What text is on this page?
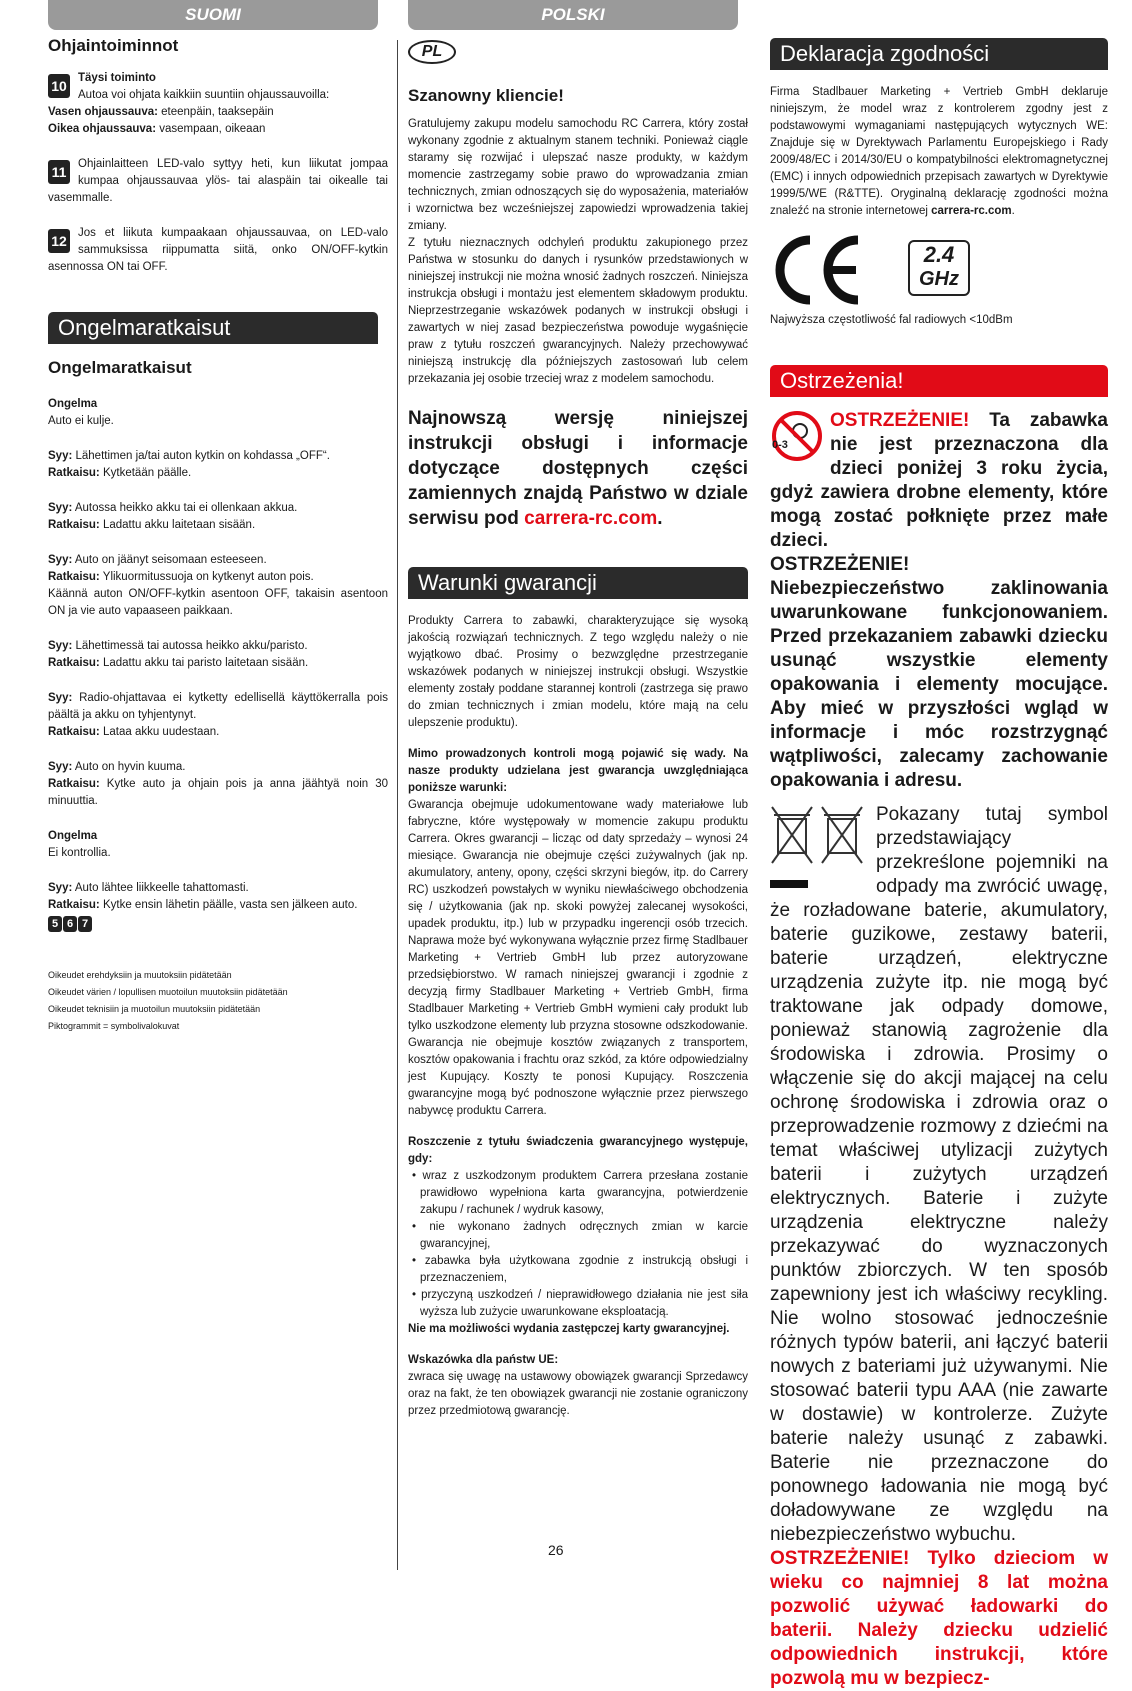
SUOMI
Ohjaintoiminnot
10 Täysi toiminto
Autoa voi ohjata kaikkiin suuntiin ohjaussauvoilla:
Vasen ohjaussauva: eteenpäin, taaksepäin
Oikea ohjaussauva: vasempaan, oikeaan
11	Ohjainlaitteen LED-valo syttyy heti, kun liikutat jompaa kumpaa ohjaussauvaa ylös- tai alaspäin tai oikealle tai vasemmalle.
12 Jos et liikuta kumpaakaan ohjaussauvaa, on LED-valo sammuksissa riippumatta siitä, onko ON/OFF-kytkin asennossa ON tai OFF.
Ongelmaratkaisut
Ongelmaratkaisut
Ongelma
Auto ei kulje.
Syy: Lähettimen ja/tai auton kytkin on kohdassa „OFF“.
Ratkaisu: Kytketään päälle.
Syy: Autossa heikko akku tai ei ollenkaan akkua.
Ratkaisu: Ladattu akku laitetaan sisään.
Syy: Auto on jäänyt seisomaan esteeseen.
Ratkaisu: Ylikuormitussuoja on kytkenyt auton pois.
Käännä auton ON/OFF-kytkin asentoon OFF, takaisin asentoon ON ja vie auto vapaaseen paikkaan.
Syy: Lähettimessä tai autossa heikko akku/paristo.
Ratkaisu: Ladattu akku tai paristo laitetaan sisään.
Syy: Radio-ohjattavaa ei kytketty edellisellä käyttökerralla pois päältä ja akku on tyhjentynyt.
Ratkaisu: Lataa akku uudestaan.
Syy: Auto on hyvin kuuma.
Ratkaisu: Kytke auto ja ohjain pois ja anna jäähtyä noin 30 minuuttia.
Ongelma
Ei kontrollia.
Syy: Auto lähtee liikkeelle tahattomasti.
Ratkaisu: Kytke ensin lähetin päälle, vasta sen jälkeen auto.
5 6 7
Oikeudet erehdyksiin ja muutoksiin pidätetään
Oikeudet värien / lopullisen muotoilun muutoksiin pidätetään
Oikeudet teknisiin ja muotoilun muutoksiin pidätetään
Piktogrammit = symbolivalokuvat
POLSKI
PL
Szanowny kliencie!
Gratulujemy zakupu modelu samochodu RC Carrera, który został wykonany zgodnie z aktualnym stanem techniki. Ponieważ ciągle staramy się rozwijać i ulepszać nasze produkty, w każdym momencie zastrzegamy sobie prawo do wprowadzania zmian technicznych, zmian odnoszących się do wyposażenia, materiałów i wzornictwa bez wcześniejszej zapowiedzi wprowadzenia takiej zmiany.
Z tytułu nieznacznych odchyleń produktu zakupionego przez Państwa w stosunku do danych i rysunków przedstawionych w niniejszej instrukcji nie można wnosić żadnych roszczeń. Niniejsza instrukcja obsługi i montażu jest elementem składowym produktu. Nieprzestrzeganie wskazówek podanych w instrukcji obsługi i zawartych w niej zasad bezpieczeństwa powoduje wygaśnięcie praw z tytułu roszczeń gwarancyjnych. Należy przechowywać niniejszą instrukcję dla późniejszych zastosowań lub celem przekazania jej osobie trzeciej wraz z modelem samochodu.
Najnowszą wersję niniejszej instrukcji obsługi i informacje dotyczące dostępnych części zamiennych znajdą Państwo w dziale serwisu pod carrera-rc.com.
Warunki gwarancji
Produkty Carrera to zabawki, charakteryzujące się wysoką jakością rozwiązań technicznych. Z tego względu należy o nie wyjątkowo dbać. Prosimy o bezwzględne przestrzeganie wskazówek podanych w niniejszej instrukcji obsługi. Wszystkie elementy zostały poddane starannej kontroli (zastrzega się prawo do zmian technicznych i zmian modelu, które mają na celu ulepszenie produktu).
Mimo prowadzonych kontroli mogą pojawić się wady. Na nasze produkty udzielana jest gwarancja uwzględniająca poniższe warunki:
Gwarancja obejmuje udokumentowane wady materiałowe lub fabryczne, które występowały w momencie zakupu produktu Carrera. Okres gwarancji – licząc od daty sprzedaży – wynosi 24 miesiące. Gwarancja nie obejmuje części zużywalnych (jak np. akumulatory, anteny, opony, części skrzyni biegów, itp. do Carrery RC) uszkodzeń powstałych w wyniku niewłaściwego obchodzenia się / użytkowania (jak np. skoki powyżej zalecanej wysokości, upadek produktu, itp.) lub w przypadku ingerencji osób trzecich. Naprawa może być wykonywana wyłącznie przez firmę Stadlbauer Marketing + Vertrieb GmbH lub przez autoryzowane przedsiębiorstwo. W ramach niniejszej gwarancji i zgodnie z decyzją firmy Stadlbauer Marketing + Vertrieb GmbH, firma Stadlbauer Marketing + Vertrieb GmbH wymieni cały produkt lub tylko uszkodzone elementy lub przyzna stosowne odszkodowanie. Gwarancja nie obejmuje kosztów związanych z transportem, kosztów opakowania i frachtu oraz szkód, za które odpowiedzialny jest Kupujący. Koszty te ponosi Kupujący. Roszczenia gwarancyjne mogą być podnoszone wyłącznie przez pierwszego nabywcę produktu Carrera.
Roszczenie z tytułu świadczenia gwarancyjnego występuje, gdy:
• wraz z uszkodzonym produktem Carrera przesłana zostanie prawidłowo wypełniona karta gwarancyjna, potwierdzenie zakupu / rachunek / wydruk kasowy,
• nie wykonano żadnych odręcznych zmian w karcie gwarancyjnej,
• zabawka była użytkowana zgodnie z instrukcją obsługi i przeznaczeniem,
• przyczyną uszkodzeń / nieprawidłowego działania nie jest siła wyższa lub zużycie uwarunkowane eksploatacją.
Nie ma możliwości wydania zastępczej karty gwarancyjnej.
Wskazówka dla państw UE:
zwraca się uwagę na ustawowy obowiązek gwarancji Sprzedawcy oraz na fakt, że ten obowiązek gwarancji nie zostanie ograniczony przez przedmiotową gwarancję.
Deklaracja zgodności
Firma Stadlbauer Marketing + Vertrieb GmbH deklaruje niniejszym, że model wraz z kontrolerem zgodny jest z podstawowymi wymaganiami następujących wytycznych WE: Znajduje się w Dyrektywach Parlamentu Europejskiego i Rady 2009/48/EC i 2014/30/EU o kompatybilności elektromagnetycznej (EMC) i innych odpowiednich przepisach zawartych w Dyrektywie 1999/5/WE (R&TTE). Oryginalną deklarację zgodności można znaleźć na stronie internetowej carrera-rc.com.
2.4
GHz
Najwyższa częstotliwość fal radiowych <10dBm
Ostrzeżenia!
0-3
OSTRZEŻENIE! Ta zabawka nie jest przeznaczona dla dzieci poniżej 3 roku życia, gdyż zawiera drobne elementy, które mogą zostać połknięte przez małe dzieci.
OSTRZEŻENIE!
Niebezpieczeństwo zaklinowania uwarunkowane funkcjonowaniem. Przed przekazaniem zabawki dziecku usunąć wszystkie elementy opakowania i elementy mocujące. Aby mieć w przyszłości wgląd w informacje i móc rozstrzygnąć wątpliwości, zalecamy zachowanie opakowania i adresu.
Pokazany tutaj symbol przedstawiający przekreślone pojemniki na odpady ma zwrócić uwagę, że rozładowane baterie, akumulatory, baterie guzikowe, zestawy baterii, baterie urządzeń, elektryczne urządzenia zużyte itp. nie mogą być traktowane jak odpady domowe, ponieważ stanowią zagrożenie dla środowiska i zdrowia. Prosimy o włączenie się do akcji mającej na celu ochronę środowiska i zdrowia oraz o przeprowadzenie rozmowy z dziećmi na temat właściwej utylizacji zużytych baterii i zużytych urządzeń elektrycznych. Baterie i zużyte urządzenia elektryczne należy przekazywać do wyznaczonych punktów zbiorczych. W ten sposób zapewniony jest ich właściwy recykling. Nie wolno stosować jednocześnie różnych typów baterii, ani łączyć baterii nowych z bateriami już używanymi. Nie stosować baterii typu AAA (nie zawarte w dostawie) w kontrolerze. Zużyte baterie należy usunąć z zabawki. Baterie nie przeznaczone do ponownego ładowania nie mogą być doładowywane ze względu na niebezpieczeństwo wybuchu.
OSTRZEŻENIE! Tylko dzieciom w wieku co najmniej 8 lat można pozwolić używać ładowarki do baterii. Należy dziecku udzielić odpowiednich instrukcji, które pozwolą mu w bezpiecz-
26
